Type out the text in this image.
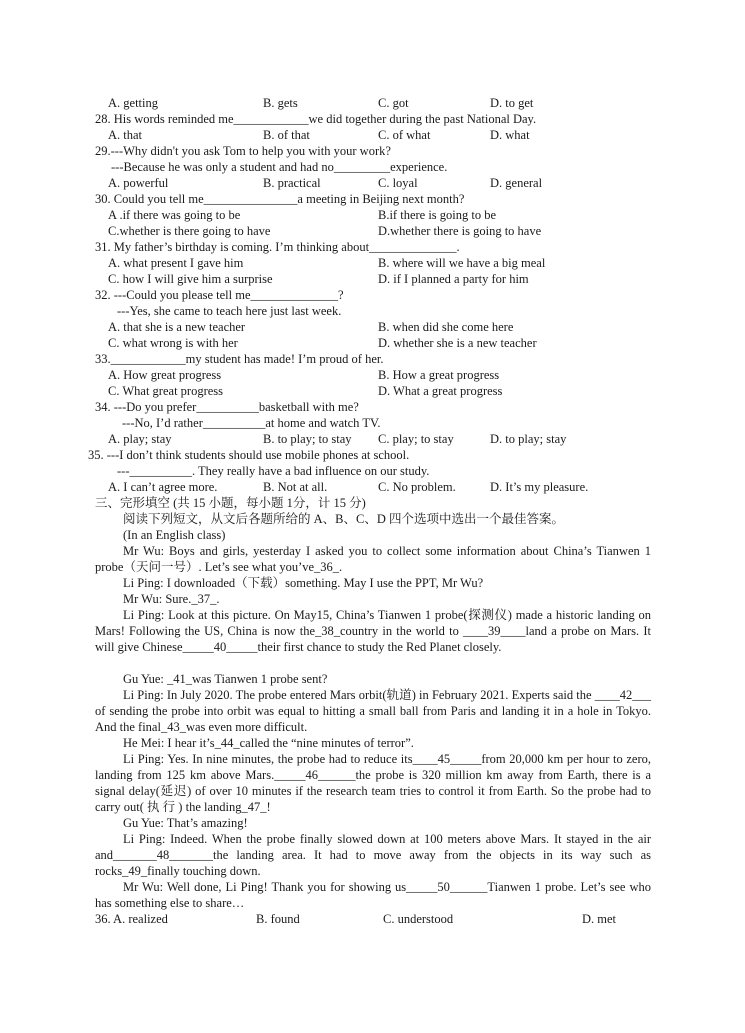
A. getting	B. gets	C. got	D. to get
28. His words reminded me____________we did together during the past National Day.
A. that	B. of that	C. of what	D. what
29.---Why didn't you ask Tom to help you with your work?
---Because he was only a student and had no_________experience.
A. powerful	B. practical	C. loyal	D. general
30. Could you tell me_______________a meeting in Beijing next month?
A .if there was going to be	B.if there is going to be
C.whether is there going to have	D.whether there is going to have
31. My father’s birthday is coming. I’m thinking about______________.
A. what present I gave him	B. where will we have a big meal
C. how I will give him a surprise	D. if I planned a party for him
32. ---Could you please tell me______________?
---Yes, she came to teach here just last week.
A. that she is a new teacher	B. when did she come here
C. what wrong is with her	D. whether she is a new teacher
33.____________my student has made! I’m proud of her.
A. How great progress	B. How a great progress
C. What great progress	D. What a great progress
34. ---Do you prefer__________basketball with me?
---No, I’d rather__________at home and watch TV.
A. play; stay	B. to play; to stay C. play; to stay	D. to play; stay
35. ---I don’t think students should use mobile phones at school.
---__________. They really have a bad influence on our study.
A. I can’t agree more.	B. Not at all.	C. No problem.	D. It’s my pleasure.
三、完形填空 (共 15 小题，每小题 1分，计 15 分)
阅读下列短文，从文后各题所给的 A、B、C、D 四个选项中选出一个最佳答案。
(In an English class)
Mr Wu: Boys and girls, yesterday I asked you to collect some information about China’s Tianwen 1 probe（天问一号）. Let’s see what you’ve_36_.
Li Ping: I downloaded（下载）something. May I use the PPT, Mr Wu?
Mr Wu: Sure._37_.
Li Ping: Look at this picture. On May15, China’s Tianwen 1 probe(探测仪) made a historic landing on Mars! Following the US, China is now the_38_country in the world to ____39____land a probe on Mars. It will give Chinese_____40_____their first chance to study the Red Planet closely.
Gu Yue: _41_was Tianwen 1 probe sent?
Li Ping: In July 2020. The probe entered Mars orbit(轨道) in February 2021. Experts said the ____42___ of sending the probe into orbit was equal to hitting a small ball from Paris and landing it in a hole in Tokyo. And the final_43_was even more difficult.
He Mei: I hear it’s_44_called the “nine minutes of terror”.
Li Ping: Yes. In nine minutes, the probe had to reduce its____45_____from 20,000 km per hour to zero, landing from 125 km above Mars._____46______the probe is 320 million km away from Earth, there is a signal delay(延迟) of over 10 minutes if the research team tries to control it from Earth. So the probe had to carry out( 执 行 ) the landing_47_!
Gu Yue: That’s amazing!
Li Ping: Indeed. When the probe finally slowed down at 100 meters above Mars. It stayed in the air and_______48_______the landing area. It had to move away from the objects in its way such as rocks_49_finally touching down.
Mr Wu: Well done, Li Ping! Thank you for showing us_____50______Tianwen 1 probe. Let’s see who has something else to share…
36. A. realized	B. found	C. understood	D. met
